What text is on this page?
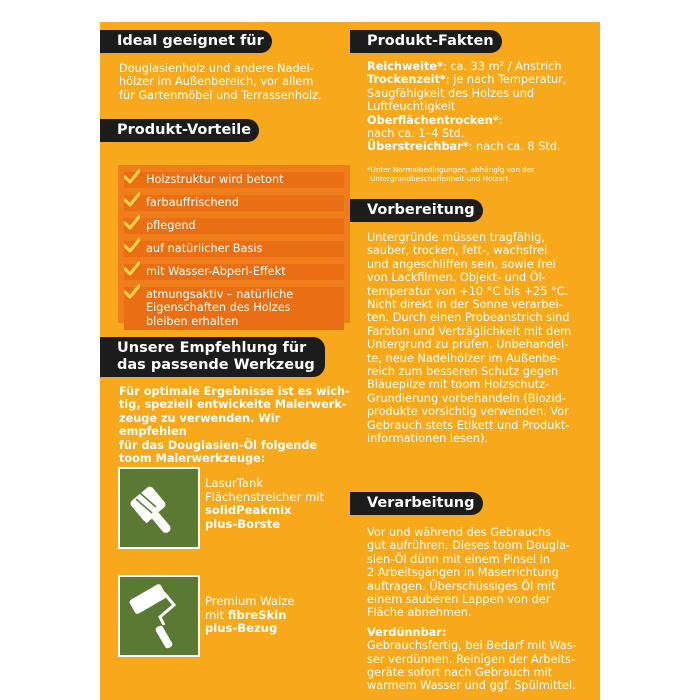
Ideal geeignet für
Douglasienholz und andere Nadel-
hölzer im Außenbereich, vor allem
für Gartenmöbel und Terrassenholz.
Produkt-Vorteile
Holzstruktur wird betont
farbauffrischend
pflegend
auf natürlicher Basis
mit Wasser-Abperl-Effekt
atmungsaktiv – natürliche
Eigenschaften des Holzes
bleiben erhalten
Unsere Empfehlung für
das passende Werkzeug
Für optimale Ergebnisse ist es wich-
tig, speziell entwickelte Malerwerk-
zeuge zu verwenden. Wir empfehlen
für das Douglasien-Öl folgende
toom Malerwerkzeuge:
LasurTank
Flächenstreicher mit
solidPeakmix
plus-Borste
Premium Walze
mit fibreSkin
plus-Bezug
Produkt-Fakten
Reichweite*: ca. 33 m² / Anstrich
Trockenzeit*: je nach Temperatur,
Saugfähigkeit des Holzes und
Luftfeuchtigkeit
Oberflächentrocken*:
nach ca. 1–4 Std.
Überstreichbar*: nach ca. 8 Std.
*Unter Normalbedingungen, abhängig von der
Untergrundbeschaffenheit und Holzart.
Vorbereitung
Untergründe müssen tragfähig,
sauber, trocken, fett-, wachsfrei
und angeschliffen sein, sowie frei
von Lackfilmen. Objekt- und Öl-
temperatur von +10 °C bis +25 °C.
Nicht direkt in der Sonne verarbei-
ten. Durch einen Probeanstrich sind
Farbton und Verträglichkeit mit dem
Untergrund zu prüfen. Unbehandel-
te, neue Nadelhölzer im Außenbe-
reich zum besseren Schutz gegen
Bläuepilze mit toom Holzschutz-
Grundierung vorbehandeln (Biozid-
produkte vorsichtig verwenden. Vor
Gebrauch stets Etikett und Produkt-
informationen lesen).
Verarbeitung
Vor und während des Gebrauchs
gut aufrühren. Dieses toom Dougla-
sien-Öl dünn mit einem Pinsel in
2 Arbeitsgängen in Maserrichtung
auftragen. Überschüssiges Öl mit
einem sauberen Lappen von der
Fläche abnehmen.
Verdünnbar:
Gebrauchsfertig, bei Bedarf mit Was-
ser verdünnen. Reinigen der Arbeits-
geräte sofort nach Gebrauch mit
warmem Wasser und ggf. Spülmittel.
